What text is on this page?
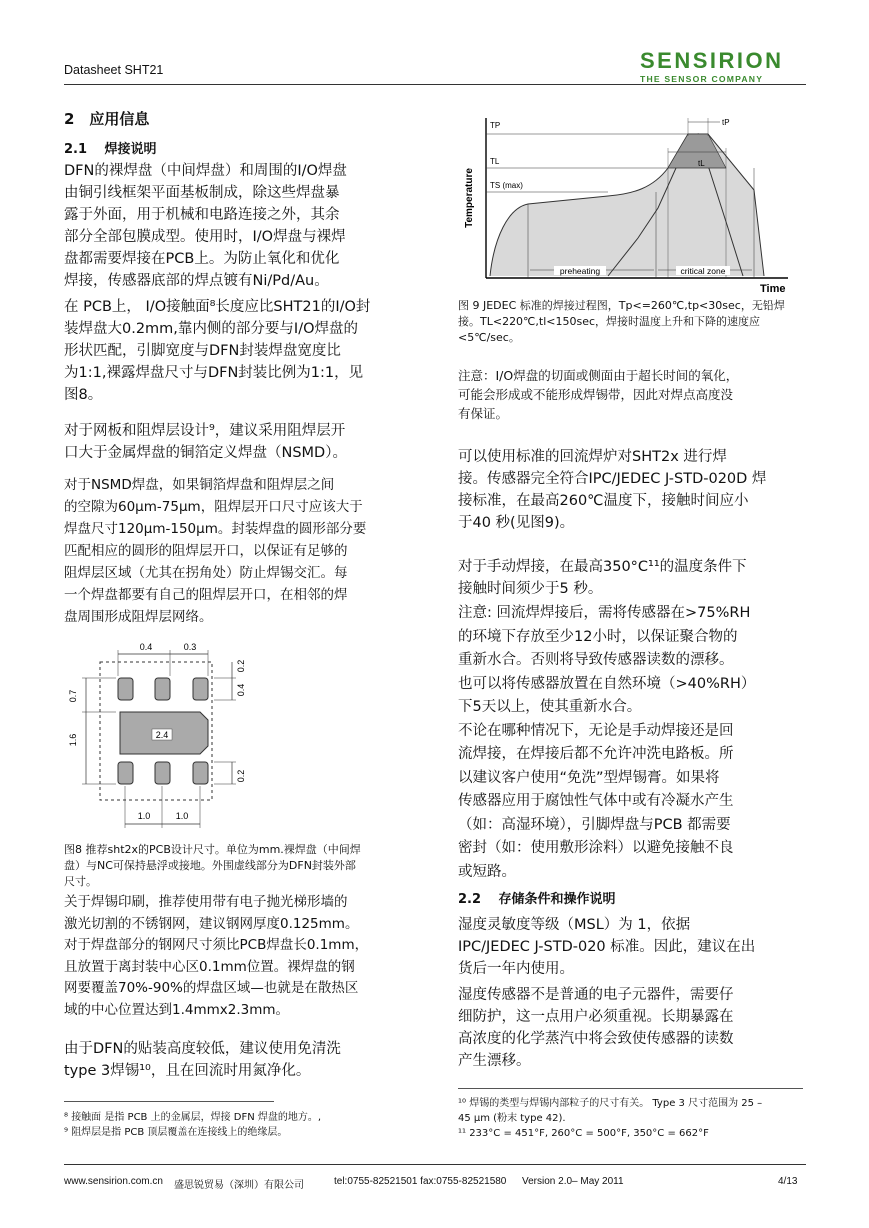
Datasheet SHT21	SENSIRION
THE SENSOR COMPANY
2　应用信息
2.1　 焊接说明

DFN的裸焊盘（中间焊盘）和周围的I/O焊盘

由铜引线框架平面基板制成，除这些焊盘暴

露于外面，用于机械和电路连接之外，其余

部分全部包膜成型。使用时，I/O焊盘与裸焊

盘都需要焊接在PCB上。为防止氧化和优化

焊接，传感器底部的焊点镀有Ni/Pd/Au。

在 PCB上， I/O接触面⁸长度应比SHT21的I/O封

装焊盘大0.2mm,靠内侧的部分要与I/O焊盘的

形状匹配，引脚宽度与DFN封装焊盘宽度比

为1:1,裸露焊盘尺寸与DFN封装比例为1:1，见

图8。

对于网板和阻焊层设计⁹，建议采用阻焊层开

口大于金属焊盘的铜箔定义焊盘（NSMD）。

对于NSMD焊盘，如果铜箔焊盘和阻焊层之间

的空隙为60μm-75μm，阻焊层开口尺寸应该大于

焊盘尺寸120μm-150μm。封装焊盘的圆形部分要

匹配相应的圆形的阻焊层开口，以保证有足够的

阻焊层区域（尤其在拐角处）防止焊锡交汇。每

一个焊盘都要有自己的阻焊层开口，在相邻的焊

盘周围形成阻焊层网络。

0.4	0.3
0.2
0.4
0.7
1.6	2.4
0.2
1.0	1.0
图8 推荐sht2x的PCB设计尺寸。单位为mm.裸焊盘（中间焊
盘）与NC可保持悬浮或接地。外围虚线部分为DFN封装外部
尺寸。

关于焊锡印刷，推荐使用带有电子抛光梯形墙的

激光切割的不锈钢网，建议钢网厚度0.125mm。

对于焊盘部分的钢网尺寸须比PCB焊盘长0.1mm，

且放置于离封装中心区0.1mm位置。裸焊盘的钢

网要覆盖70%-90%的焊盘区域—也就是在散热区

域的中心位置达到1.4mmx2.3mm。

由于DFN的贴装高度较低，建议使用免清洗

type 3焊锡¹⁰，且在回流时用氮净化。

⁸ 接触面 是指 PCB 上的金属层，焊接 DFN 焊盘的地方。,
⁹ 阻焊层是指 PCB 顶层覆盖在连接线上的绝缘层。
TP
TL
TS (max)
tP
tL
Temperature
Time
preheating	critical zone
图 9 JEDEC 标准的焊接过程图，Tp<=260℃,tp<30sec，无铅焊
接。TL<220℃,tl<150sec，焊接时温度上升和下降的速度应
<5℃/sec。

注意：I/O焊盘的切面或侧面由于超长时间的氧化，

可能会形成或不能形成焊锡带，因此对焊点高度没

有保证。

可以使用标准的回流焊炉对SHT2x 进行焊

接。传感器完全符合IPC/JEDEC J-STD-020D 焊

接标准，在最高260℃温度下，接触时间应小

于40 秒(见图9)。

对于手动焊接，在最高350°C¹¹的温度条件下

接触时间须少于5 秒。

注意: 回流焊焊接后，需将传感器在>75%RH

的环境下存放至少12小时，以保证聚合物的

重新水合。否则将导致传感器读数的漂移。

也可以将传感器放置在自然环境（>40%RH）

下5天以上，使其重新水合。

不论在哪种情况下，无论是手动焊接还是回

流焊接，在焊接后都不允许冲洗电路板。所

以建议客户使用“免洗”型焊锡膏。如果将

传感器应用于腐蚀性气体中或有冷凝水产生

（如：高湿环境），引脚焊盘与PCB 都需要

密封（如：使用敷形涂料）以避免接触不良

或短路。

2.2　 存储条件和操作说明

湿度灵敏度等级（MSL）为 1，依据

IPC/JEDEC J-STD-020 标准。因此，建议在出

货后一年内使用。

湿度传感器不是普通的电子元器件，需要仔

细防护，这一点用户必须重视。长期暴露在

高浓度的化学蒸汽中将会致使传感器的读数

产生漂移。

¹⁰ 焊锡的类型与焊锡内部粒子的尺寸有关。 Type 3 尺寸范围为 25 –
45 μm (粉末 type 42).
¹¹ 233°C = 451°F, 260°C = 500°F, 350°C = 662°F
www.sensirion.com.cn 盛思锐贸易（深圳）有限公司	tel:0755-82521501 fax:0755-82521580 Version 2.0– May 2011	4/13
